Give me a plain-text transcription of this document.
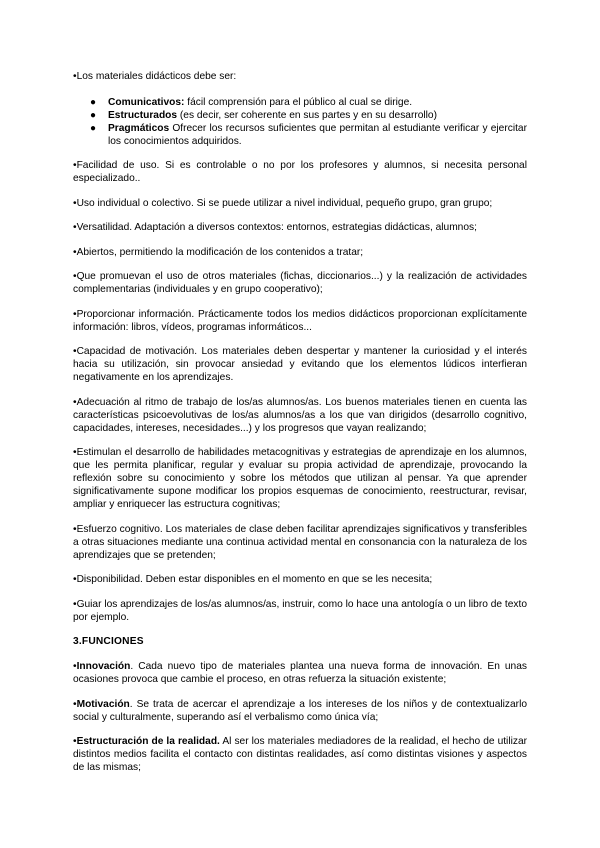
•Los materiales didácticos debe ser:

● Comunicativos: fácil comprensión para el público al cual se dirige.
● Estructurados (es decir, ser coherente en sus partes y en su desarrollo)
● Pragmáticos Ofrecer los recursos suficientes que permitan al estudiante verificar y ejercitar los conocimientos adquiridos.

•Facilidad de uso. Si es controlable o no por los profesores y alumnos, si necesita personal especializado..

•Uso individual o colectivo. Si se puede utilizar a nivel individual, pequeño grupo, gran grupo;

•Versatilidad. Adaptación a diversos contextos: entornos, estrategias didácticas, alumnos;

•Abiertos, permitiendo la modificación de los contenidos a tratar;

•Que promuevan el uso de otros materiales (fichas, diccionarios...) y la realización de actividades complementarias (individuales y en grupo cooperativo);

•Proporcionar información. Prácticamente todos los medios didácticos proporcionan explícitamente información: libros, vídeos, programas informáticos...

•Capacidad de motivación. Los materiales deben despertar y mantener la curiosidad y el interés hacia su utilización, sin provocar ansiedad y evitando que los elementos lúdicos interfieran negativamente en los aprendizajes.

•Adecuación al ritmo de trabajo de los/as alumnos/as. Los buenos materiales tienen en cuenta las características psicoevolutivas de los/as alumnos/as a los que van dirigidos (desarrollo cognitivo, capacidades, intereses, necesidades...) y los progresos que vayan realizando;

•Estimulan el desarrollo de habilidades metacognitivas y estrategias de aprendizaje en los alumnos, que les permita planificar, regular y evaluar su propia actividad de aprendizaje, provocando la reflexión sobre su conocimiento y sobre los métodos que utilizan al pensar. Ya que aprender significativamente supone modificar los propios esquemas de conocimiento, reestructurar, revisar, ampliar y enriquecer las estructura cognitivas;

•Esfuerzo cognitivo. Los materiales de clase deben facilitar aprendizajes significativos y transferibles a otras situaciones mediante una continua actividad mental en consonancia con la naturaleza de los aprendizajes que se pretenden;

•Disponibilidad. Deben estar disponibles en el momento en que se les necesita;

•Guiar los aprendizajes de los/as alumnos/as, instruir, como lo hace una antología o un libro de texto por ejemplo.

3.FUNCIONES

•Innovación. Cada nuevo tipo de materiales plantea una nueva forma de innovación. En unas ocasiones provoca que cambie el proceso, en otras refuerza la situación existente;

•Motivación. Se trata de acercar el aprendizaje a los intereses de los niños y de contextualizarlo social y culturalmente, superando así el verbalismo como única vía;

•Estructuración de la realidad. Al ser los materiales mediadores de la realidad, el hecho de utilizar distintos medios facilita el contacto con distintas realidades, así como distintas visiones y aspectos de las mismas;
